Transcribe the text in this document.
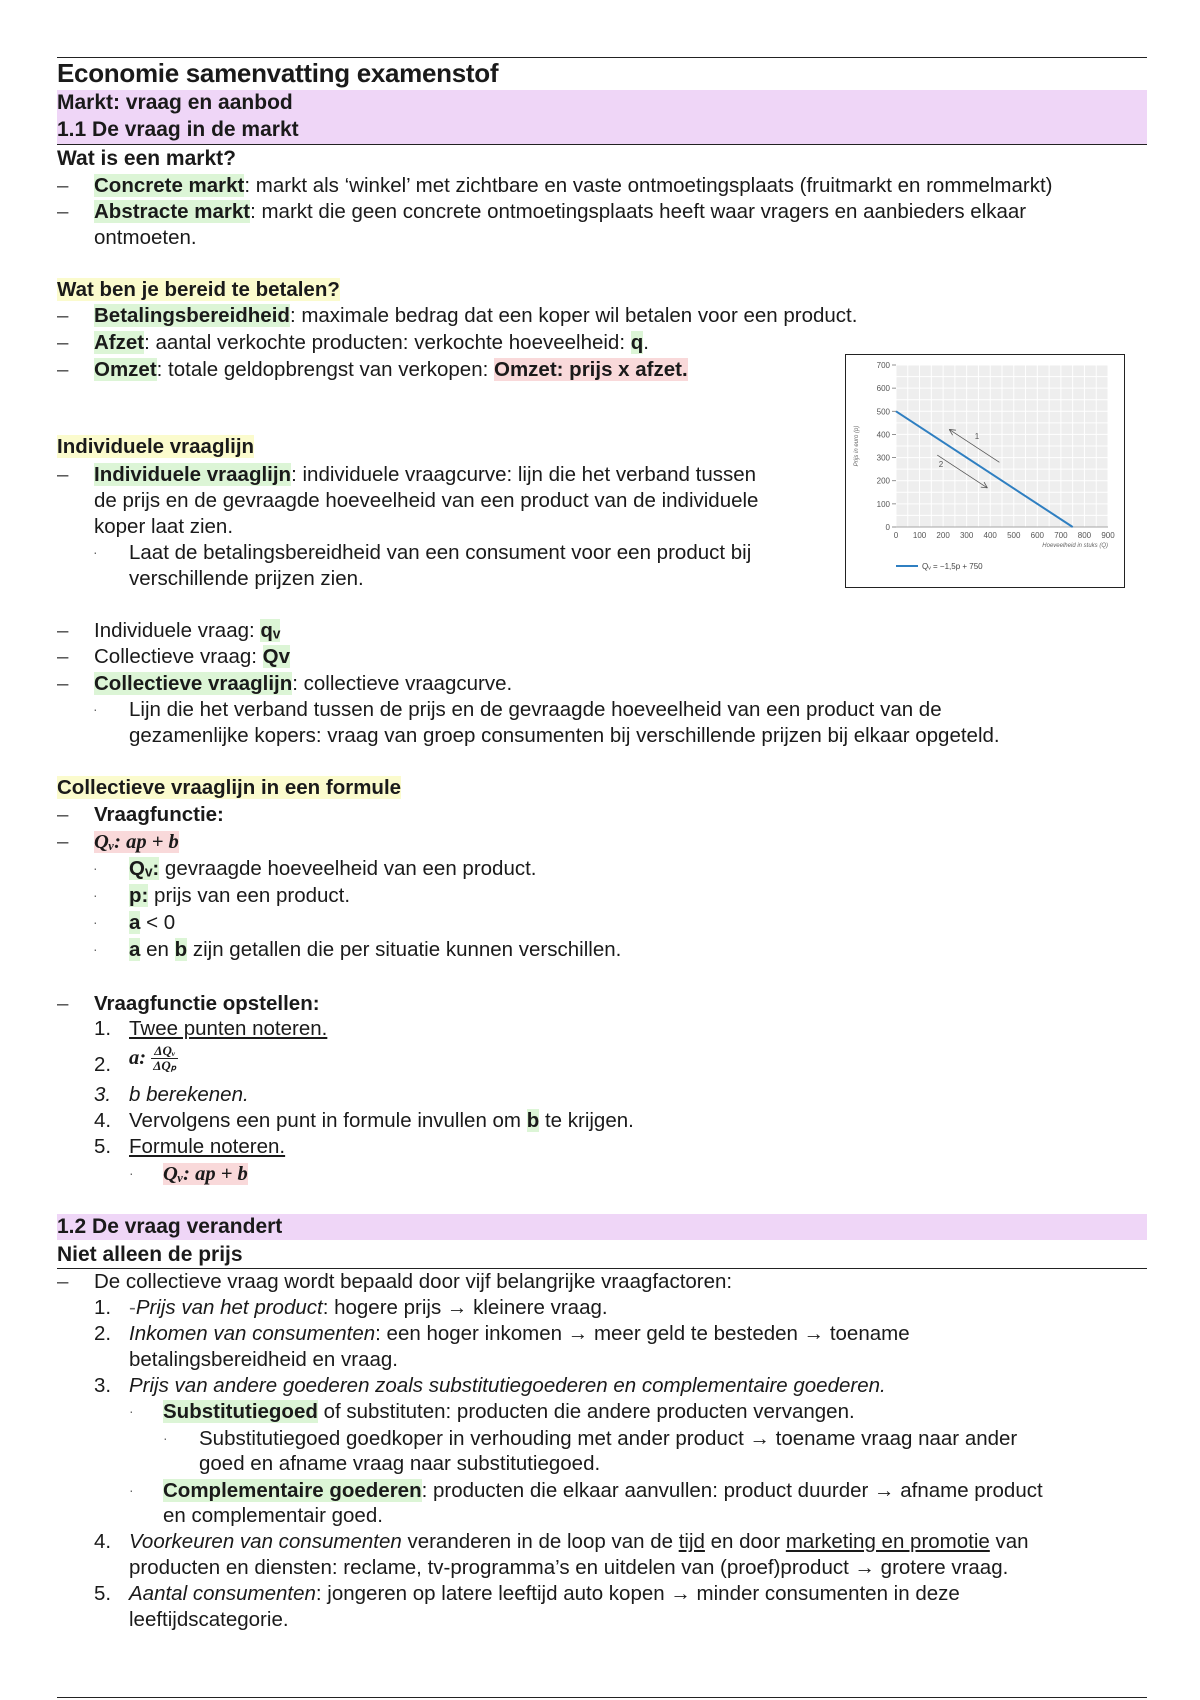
Economie samenvatting examenstof
Markt: vraag en aanbod
1.1 De vraag in de markt
Wat is een markt?
– Concrete markt: markt als ‘winkel’ met zichtbare en vaste ontmoetingsplaats (fruitmarkt en rommelmarkt)
– Abstracte markt: markt die geen concrete ontmoetingsplaats heeft waar vragers en aanbieders elkaar
ontmoeten.
Wat ben je bereid te betalen?
– Betalingsbereidheid: maximale bedrag dat een koper wil betalen voor een product.
– Afzet: aantal verkochte producten: verkochte hoeveelheid: q.
– Omzet: totale geldopbrengst van verkopen: Omzet: prijs x afzet.
0
100
200
300
400
500
600
700
0 100 200 300 400 500 600 700 800 900
Prijs in euro (p)
Hoeveelheid in stuks (Q)
1
2
Qᵥ = −1,5p + 750
Individuele vraaglijn
– Individuele vraaglijn: individuele vraagcurve: lijn die het verband tussen
de prijs en de gevraagde hoeveelheid van een product van de individuele
koper laat zien.
· Laat de betalingsbereidheid van een consument voor een product bij
verschillende prijzen zien.
– Individuele vraag: qᵥ
– Collectieve vraag: Qv
– Collectieve vraaglijn: collectieve vraagcurve.
· Lijn die het verband tussen de prijs en de gevraagde hoeveelheid van een product van de
gezamenlijke kopers: vraag van groep consumenten bij verschillende prijzen bij elkaar opgeteld.
Collectieve vraaglijn in een formule
– Vraagfunctie:
– Qᵥ: ap + b
· Qᵥ: gevraagde hoeveelheid van een product.
· p: prijs van een product.
· a < 0
· a en b zijn getallen die per situatie kunnen verschillen.
– Vraagfunctie opstellen:
1. Twee punten noteren.
2. a: $\frac{\text{ΔQᵥ}}{\text{ΔQₚ}}$
3. b berekenen.
4. Vervolgens een punt in formule invullen om b te krijgen.
5. Formule noteren.
· Qᵥ: ap + b
1.2 De vraag verandert
Niet alleen de prijs
– De collectieve vraag wordt bepaald door vijf belangrijke vraagfactoren:
1. -Prijs van het product: hogere prijs → kleinere vraag.
2. Inkomen van consumenten: een hoger inkomen → meer geld te besteden → toename
betalingsbereidheid en vraag.
3. Prijs van andere goederen zoals substitutiegoederen en complementaire goederen.
· Substitutiegoed of substituten: producten die andere producten vervangen.
· Substitutiegoed goedkoper in verhouding met ander product → toename vraag naar ander
goed en afname vraag naar substitutiegoed.
· Complementaire goederen: producten die elkaar aanvullen: product duurder → afname product
en complementair goed.
4. Voorkeuren van consumenten veranderen in de loop van de tijd en door marketing en promotie van
producten en diensten: reclame, tv-programma’s en uitdelen van (proef)product → grotere vraag.
5. Aantal consumenten: jongeren op latere leeftijd auto kopen → minder consumenten in deze
leeftijdscategorie.
